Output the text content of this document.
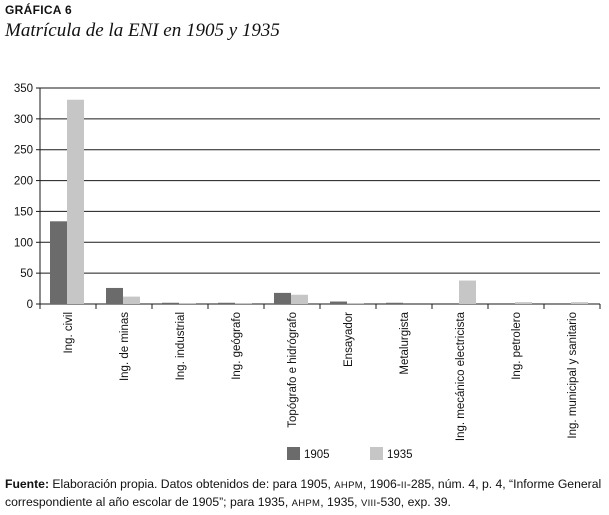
GRÁFICA 6
Matrícula de la ENI en 1905 y 1935
0
50
100
150
200
250
300
350
Ing. civil	Ing. de minas	Ing. industrial	Ing. geógrafo	Topógrafo e hidrógrafo	Ensayador	Metalurgista	Ing. mecánico electricista	Ing. petrolero	Ing. municipal y sanitario
1905	1935
Fuente: Elaboración propia. Datos obtenidos de: para 1905, AHPM, 1906-II-285, núm. 4, p. 4, “Informe General correspondiente al año escolar de 1905”; para 1935, AHPM, 1935, VIII-530, exp. 39.
